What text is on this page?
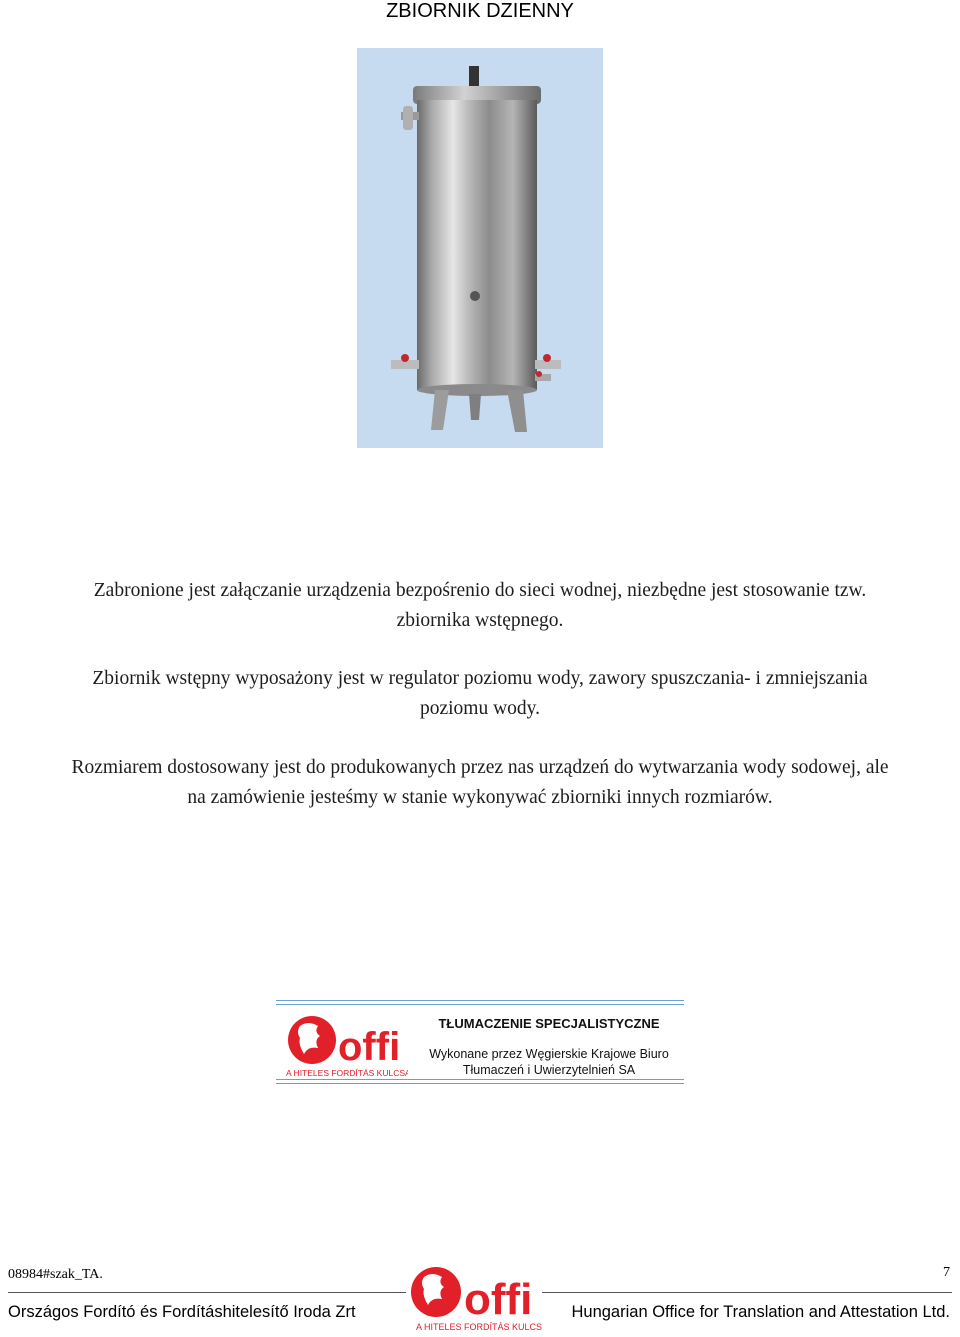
ZBIORNIK DZIENNY
Zabronione jest załączanie urządzenia bezpośrenio do sieci wodnej, niezbędne jest stosowanie tzw. zbiornika wstępnego.
Zbiornik wstępny wyposażony jest w regulator poziomu wody, zawory spuszczania- i zmniejszania poziomu wody.
Rozmiarem dostosowany jest do produkowanych przez nas urządzeń do wytwarzania wody sodowej, ale na zamówienie jesteśmy w stanie wykonywać zbiorniki innych rozmiarów.
offi
A HITELES FORDÍTÁS KULCSA
TŁUMACZENIE SPECJALISTYCZNE
Wykonane przez Węgierskie Krajowe Biuro
Tłumaczeń i Uwierzytelnień SA
08984#szak_TA.	7
Országos Fordító és Fordításhitelesítő Iroda Zrt	Hungarian Office for Translation and Attestation Ltd.
offi
A HITELES FORDÍTÁS KULCSA
